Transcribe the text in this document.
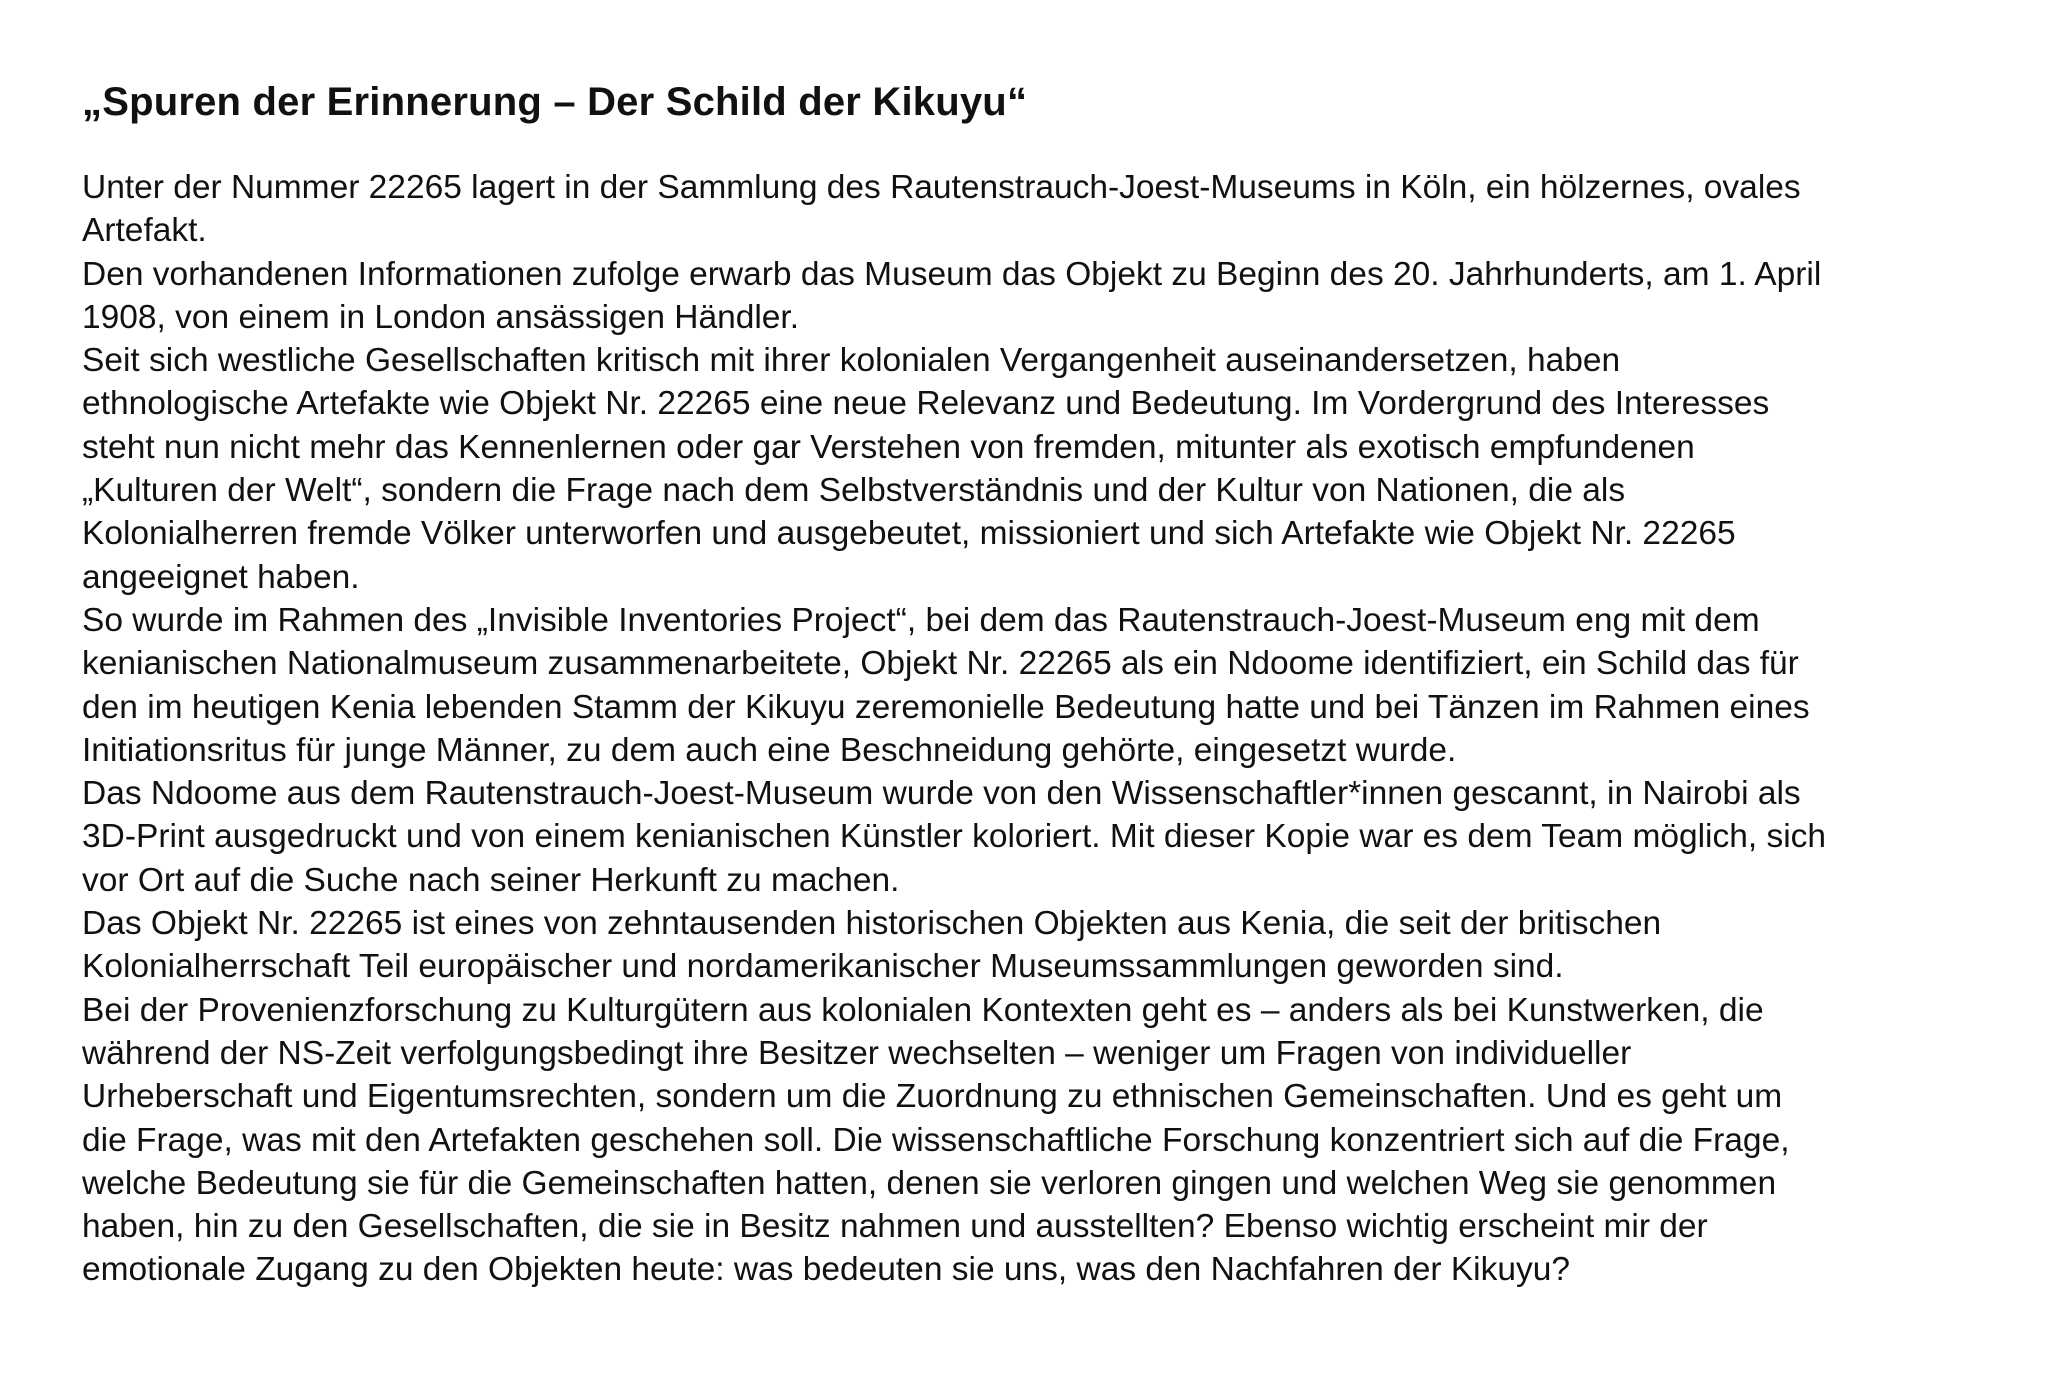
„Spuren der Erinnerung – Der Schild der Kikuyu“

Unter der Nummer 22265 lagert in der Sammlung des Rautenstrauch-Joest-Museums in Köln, ein hölzernes, ovales

Artefakt.

Den vorhandenen Informationen zufolge erwarb das Museum das Objekt zu Beginn des 20. Jahrhunderts, am 1. April

1908, von einem in London ansässigen Händler.

Seit sich westliche Gesellschaften kritisch mit ihrer kolonialen Vergangenheit auseinandersetzen, haben

ethnologische Artefakte wie Objekt Nr. 22265 eine neue Relevanz und Bedeutung. Im Vordergrund des Interesses

steht nun nicht mehr das Kennenlernen oder gar Verstehen von fremden, mitunter als exotisch empfundenen

„Kulturen der Welt“, sondern die Frage nach dem Selbstverständnis und der Kultur von Nationen, die als

Kolonialherren fremde Völker unterworfen und ausgebeutet, missioniert und sich Artefakte wie Objekt Nr. 22265

angeeignet haben.

So wurde im Rahmen des „Invisible Inventories Project“, bei dem das Rautenstrauch-Joest-Museum eng mit dem

kenianischen Nationalmuseum zusammenarbeitete, Objekt Nr. 22265 als ein Ndoome identifiziert, ein Schild das für

den im heutigen Kenia lebenden Stamm der Kikuyu zeremonielle Bedeutung hatte und bei Tänzen im Rahmen eines

Initiationsritus für junge Männer, zu dem auch eine Beschneidung gehörte, eingesetzt wurde.

Das Ndoome aus dem Rautenstrauch-Joest-Museum wurde von den Wissenschaftler*innen gescannt, in Nairobi als

3D-Print ausgedruckt und von einem kenianischen Künstler koloriert. Mit dieser Kopie war es dem Team möglich, sich

vor Ort auf die Suche nach seiner Herkunft zu machen.

Das Objekt Nr. 22265 ist eines von zehntausenden historischen Objekten aus Kenia, die seit der britischen

Kolonialherrschaft Teil europäischer und nordamerikanischer Museumssammlungen geworden sind.

Bei der Provenienzforschung zu Kulturgütern aus kolonialen Kontexten geht es – anders als bei Kunstwerken, die

während der NS-Zeit verfolgungsbedingt ihre Besitzer wechselten – weniger um Fragen von individueller

Urheberschaft und Eigentumsrechten, sondern um die Zuordnung zu ethnischen Gemeinschaften. Und es geht um

die Frage, was mit den Artefakten geschehen soll. Die wissenschaftliche Forschung konzentriert sich auf die Frage,

welche Bedeutung sie für die Gemeinschaften hatten, denen sie verloren gingen und welchen Weg sie genommen

haben, hin zu den Gesellschaften, die sie in Besitz nahmen und ausstellten? Ebenso wichtig erscheint mir der

emotionale Zugang zu den Objekten heute: was bedeuten sie uns, was den Nachfahren der Kikuyu?
